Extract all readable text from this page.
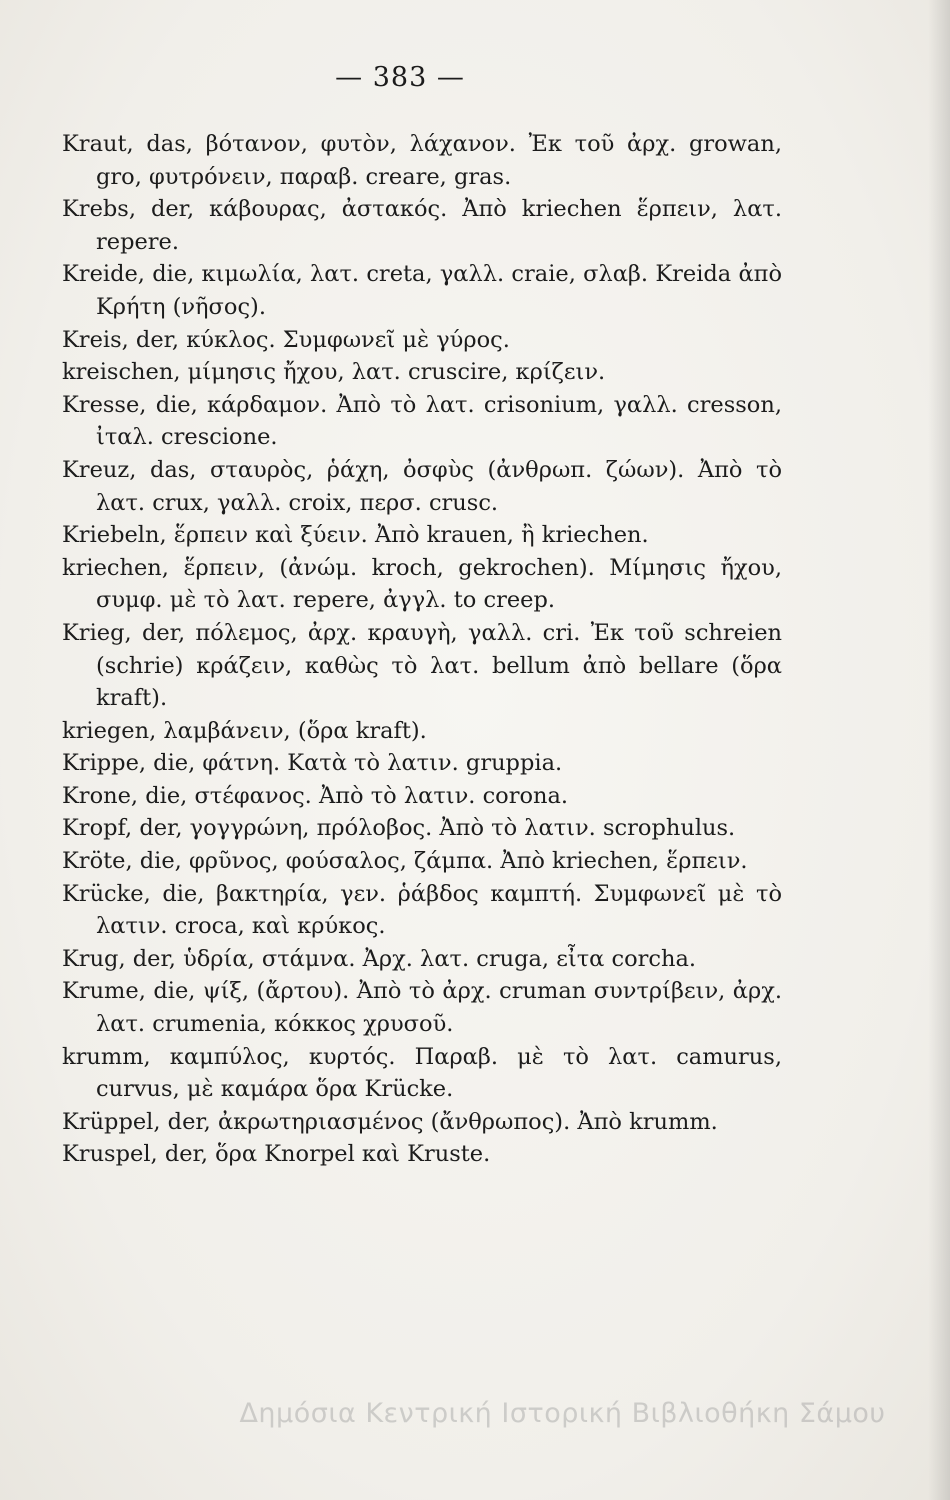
— 383 —

Kraut, das, βότανον, φυτὸν, λάχανον. Ἐκ τοῦ ἀρχ. growan, gro, φυτρόνειν, παραβ. creare, gras.

Krebs, der, κάβουρας, ἀστακός. Ἀπὸ kriechen ἕρπειν, λατ. repere.

Kreide, die, κιμωλία, λατ. creta, γαλλ. craie, σλαβ. Kreida ἀπὸ Κρήτη (νῆσος).

Kreis, der, κύκλος. Συμφωνεῖ μὲ γύρος.

kreischen, μίμησις ἤχου, λατ. cruscire, κρίζειν.

Kresse, die, κάρδαμον. Ἀπὸ τὸ λατ. crisonium, γαλλ. cresson, ἰταλ. crescione.

Kreuz, das, σταυρὸς, ῥάχη, ὀσφὺς (ἀνθρωπ. ζώων). Ἀπὸ τὸ λατ. crux, γαλλ. croix, περσ. crusc.

Kriebeln, ἕρπειν καὶ ξύειν. Ἀπὸ krauen, ἢ kriechen.

kriechen, ἕρπειν, (ἀνώμ. kroch, gekrochen). Μίμησις ἤχου, συμφ. μὲ τὸ λατ. repere, ἀγγλ. to creep.

Krieg, der, πόλεμος, ἀρχ. κραυγὴ, γαλλ. cri. Ἐκ τοῦ schreien (schrie) κράζειν, καθὼς τὸ λατ. bellum ἀπὸ bellare (ὅρα kraft).

kriegen, λαμβάνειν, (ὅρα kraft).

Krippe, die, φάτνη. Κατὰ τὸ λατιν. gruppia.

Krone, die, στέφανος. Ἀπὸ τὸ λατιν. corona.

Kropf, der, γογγρώνη, πρόλοβος. Ἀπὸ τὸ λατιν. scrophulus.

Kröte, die, φρῦνος, φούσαλος, ζάμπα. Ἀπὸ kriechen, ἕρπειν.

Krücke, die, βακτηρία, γεν. ῥάβδος καμπτή. Συμφωνεῖ μὲ τὸ λατιν. croca, καὶ κρύκος.

Krug, der, ὑδρία, στάμνα. Ἀρχ. λατ. cruga, εἶτα corcha.

Krume, die, ψίξ, (ἄρτου). Ἀπὸ τὸ ἀρχ. cruman συντρίβειν, ἀρχ. λατ. crumenia, κόκκος χρυσοῦ.

krumm, καμπύλος, κυρτός. Παραβ. μὲ τὸ λατ. camurus, curvus, μὲ καμάρα ὅρα Krücke.

Krüppel, der, ἀκρωτηριασμένος (ἄνθρωπος). Ἀπὸ krumm.

Kruspel, der, ὅρα Knorpel καὶ Kruste.

Δημόσια Κεντρική Ιστορική Βιβλιοθήκη Σάμου
